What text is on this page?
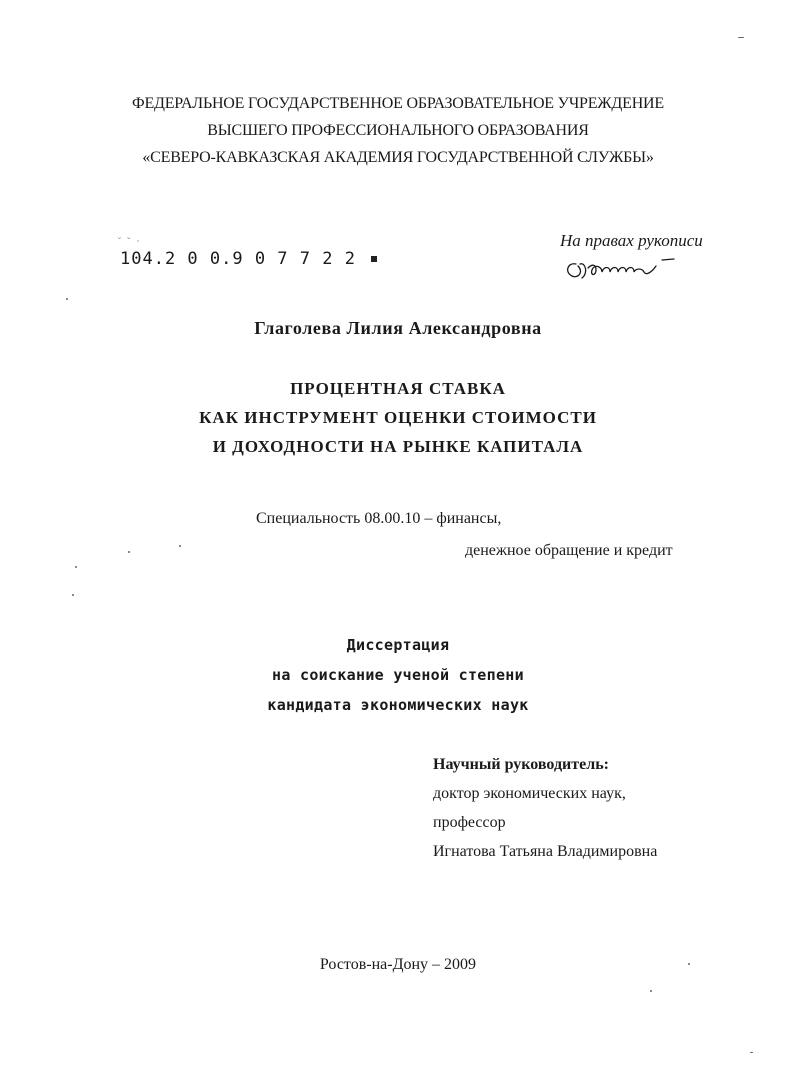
ФЕДЕРАЛЬНОЕ ГОСУДАРСТВЕННОЕ ОБРАЗОВАТЕЛЬНОЕ УЧРЕЖДЕНИЕ
ВЫСШЕГО ПРОФЕССИОНАЛЬНОГО ОБРАЗОВАНИЯ
«СЕВЕРО-КАВКАЗСКАЯ АКАДЕМИЯ ГОСУДАРСТВЕННОЙ СЛУЖБЫ»
˘ ˘ ·
104.2 0 0.9 0 7 7 2 2
На правах рукописи
Глаголева Лилия Александровна
ПРОЦЕНТНАЯ СТАВКА
КАК ИНСТРУМЕНТ ОЦЕНКИ СТОИМОСТИ
И ДОХОДНОСТИ НА РЫНКЕ КАПИТАЛА
Специальность 08.00.10 – финансы,
денежное обращение и кредит
Диссертация
на соискание ученой степени
кандидата экономических наук
Научный руководитель:
доктор экономических наук,
профессор
Игнатова Татьяна Владимировна
Ростов-на-Дону – 2009
